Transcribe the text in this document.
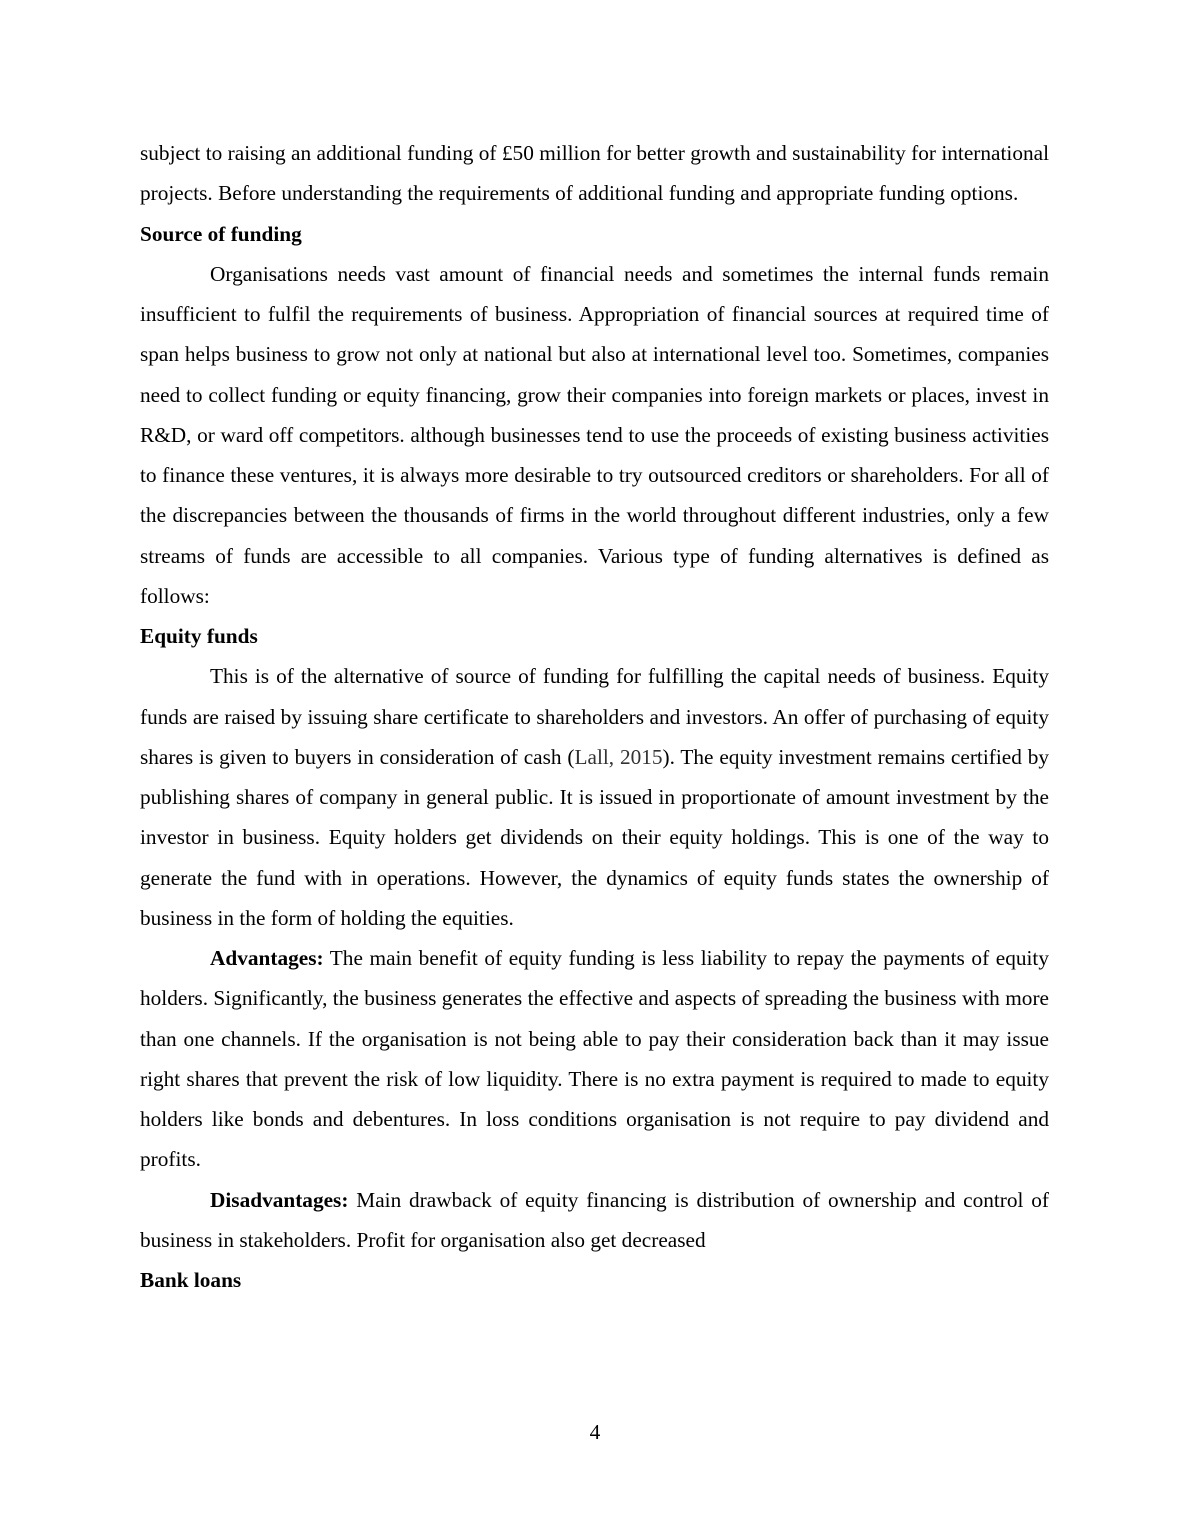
subject to raising an additional funding of £50 million for better growth and sustainability for international projects. Before understanding the requirements of additional funding and appropriate funding options.

Source of funding

Organisations needs vast amount of financial needs and sometimes the internal funds remain insufficient to fulfil the requirements of business. Appropriation of financial sources at required time of span helps business to grow not only at national but also at international level too. Sometimes, companies need to collect funding or equity financing, grow their companies into foreign markets or places, invest in R&D, or ward off competitors. although businesses tend to use the proceeds of existing business activities to finance these ventures, it is always more desirable to try outsourced creditors or shareholders. For all of the discrepancies between the thousands of firms in the world throughout different industries, only a few streams of funds are accessible to all companies. Various type of funding alternatives is defined as follows:

Equity funds

This is of the alternative of source of funding for fulfilling the capital needs of business. Equity funds are raised by issuing share certificate to shareholders and investors. An offer of purchasing of equity shares is given to buyers in consideration of cash (Lall, 2015). The equity investment remains certified by publishing shares of company in general public. It is issued in proportionate of amount investment by the investor in business. Equity holders get dividends on their equity holdings. This is one of the way to generate the fund with in operations. However, the dynamics of equity funds states the ownership of business in the form of holding the equities.

Advantages: The main benefit of equity funding is less liability to repay the payments of equity holders. Significantly, the business generates the effective and aspects of spreading the business with more than one channels. If the organisation is not being able to pay their consideration back than it may issue right shares that prevent the risk of low liquidity. There is no extra payment is required to made to equity holders like bonds and debentures. In loss conditions organisation is not require to pay dividend and profits.

Disadvantages: Main drawback of equity financing is distribution of ownership and control of business in stakeholders. Profit for organisation also get decreased

Bank loans

4
